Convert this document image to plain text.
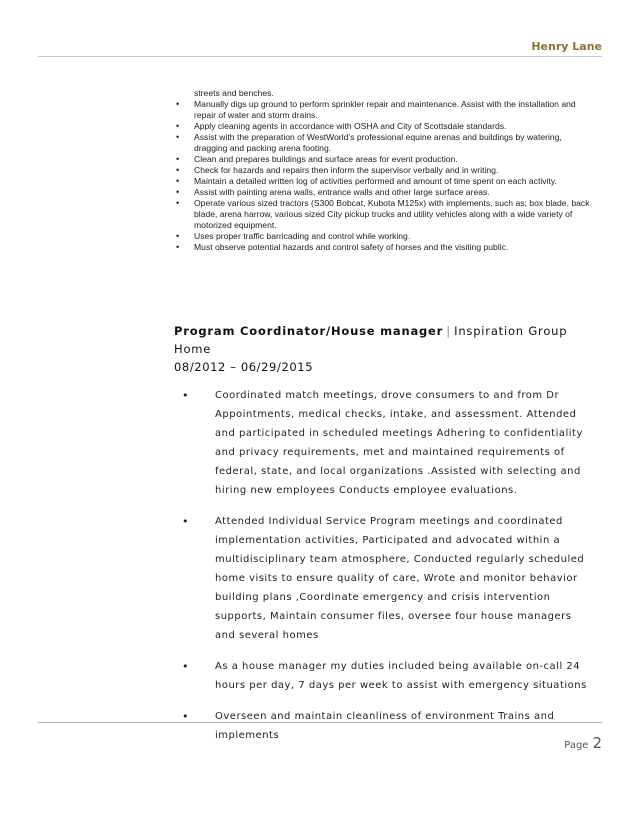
Henry Lane
streets and benches.
• Manually digs up ground to perform sprinkler repair and maintenance. Assist with the installation and repair of water and storm drains.
• Apply cleaning agents in accordance with OSHA and City of Scottsdale standards.
• Assist with the preparation of WestWorld’s professional equine arenas and buildings by watering, dragging and packing arena footing.
• Clean and prepares buildings and surface areas for event production.
• Check for hazards and repairs then inform the supervisor verbally and in writing.
• Maintain a detailed written log of activities performed and amount of time spent on each activity.
• Assist with painting arena walls, entrance walls and other large surface areas.
• Operate various sized tractors (S300 Bobcat, Kubota M125x) with implements, such as; box blade, back blade, arena harrow, various sized City pickup trucks and utility vehicles along with a wide variety of motorized equipment.
• Uses proper traffic barricading and control while working.
• Must observe potential hazards and control safety of horses and the visiting public.
Program Coordinator/House manager | Inspiration Group Home
08/2012 – 06/29/2015
• Coordinated match meetings, drove consumers to and from Dr Appointments, medical checks, intake, and assessment. Attended and participated in scheduled meetings Adhering to confidentiality and privacy requirements, met and maintained requirements of federal, state, and local organizations .Assisted with selecting and hiring new employees Conducts employee evaluations.
• Attended Individual Service Program meetings and coordinated implementation activities, Participated and advocated within a multidisciplinary team atmosphere, Conducted regularly scheduled home visits to ensure quality of care, Wrote and monitor behavior building plans ,Coordinate emergency and crisis intervention supports, Maintain consumer files, oversee four house managers and several homes
• As a house manager my duties included being available on-call 24 hours per day, 7 days per week to assist with emergency situations
• Overseen and maintain cleanliness of environment Trains and implements
Page 2
